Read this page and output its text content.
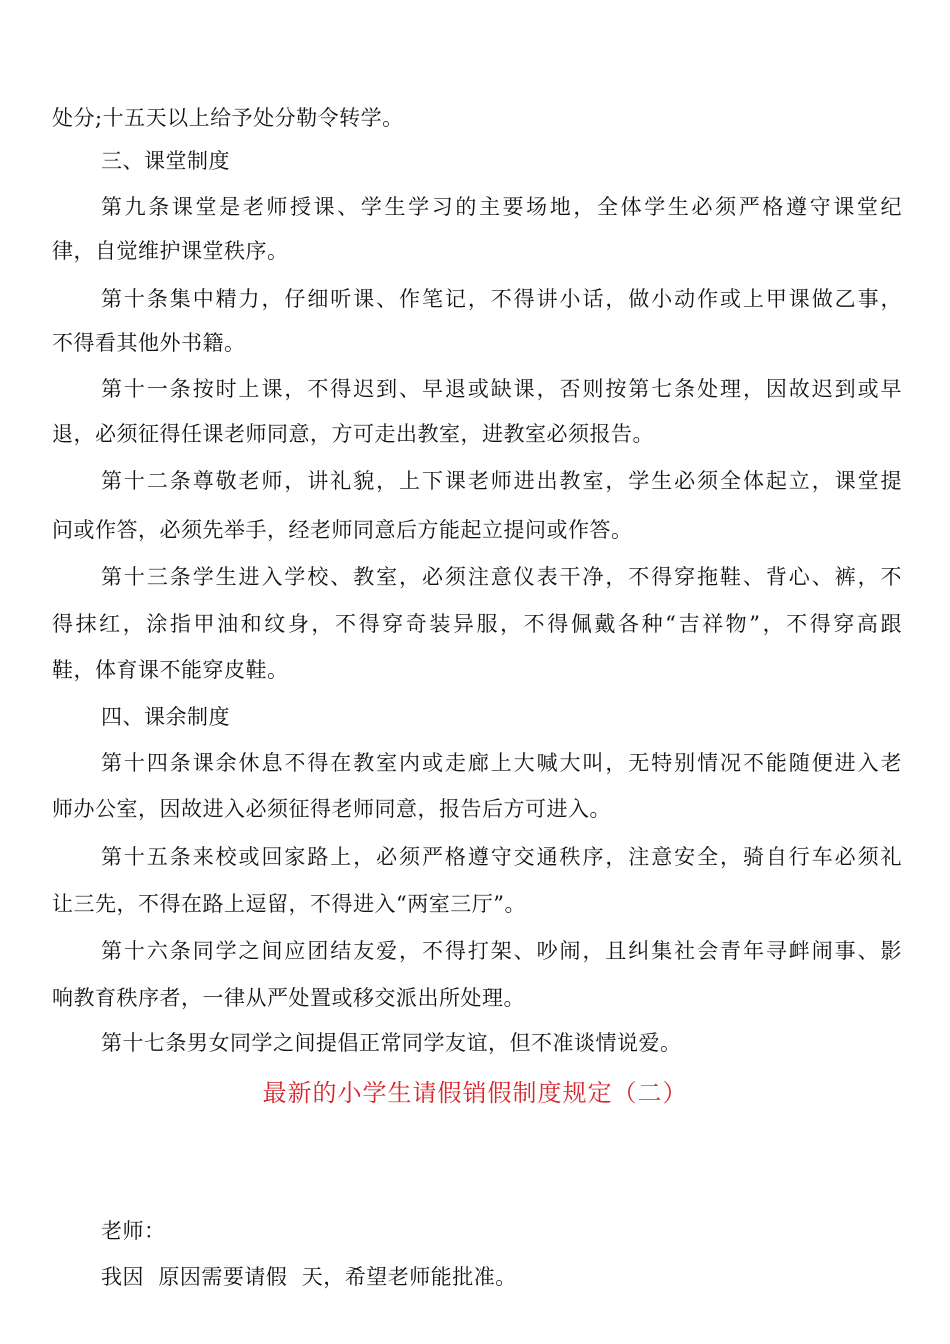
处分;十五天以上给予处分勒令转学。
三、课堂制度
第九条课堂是老师授课、学生学习的主要场地，全体学生必须严格遵守课堂纪
律，自觉维护课堂秩序。
第十条集中精力，仔细听课、作笔记，不得讲小话，做小动作或上甲课做乙事，
不得看其他外书籍。
第十一条按时上课，不得迟到、早退或缺课，否则按第七条处理，因故迟到或早
退，必须征得任课老师同意，方可走出教室，进教室必须报告。
第十二条尊敬老师，讲礼貌，上下课老师进出教室，学生必须全体起立，课堂提
问或作答，必须先举手，经老师同意后方能起立提问或作答。
第十三条学生进入学校、教室，必须注意仪表干净，不得穿拖鞋、背心、裤，不
得抹红，涂指甲油和纹身，不得穿奇装异服，不得佩戴各种“吉祥物”，不得穿高跟
鞋，体育课不能穿皮鞋。
四、课余制度
第十四条课余休息不得在教室内或走廊上大喊大叫，无特别情况不能随便进入老
师办公室，因故进入必须征得老师同意，报告后方可进入。
第十五条来校或回家路上，必须严格遵守交通秩序，注意安全，骑自行车必须礼
让三先，不得在路上逗留，不得进入“两室三厅”。
第十六条同学之间应团结友爱，不得打架、吵闹，且纠集社会青年寻衅闹事、影
响教育秩序者，一律从严处置或移交派出所处理。
第十七条男女同学之间提倡正常同学友谊，但不准谈情说爱。
最新的小学生请假销假制度规定（二）
老师：
我因  原因需要请假  天，希望老师能批准。
